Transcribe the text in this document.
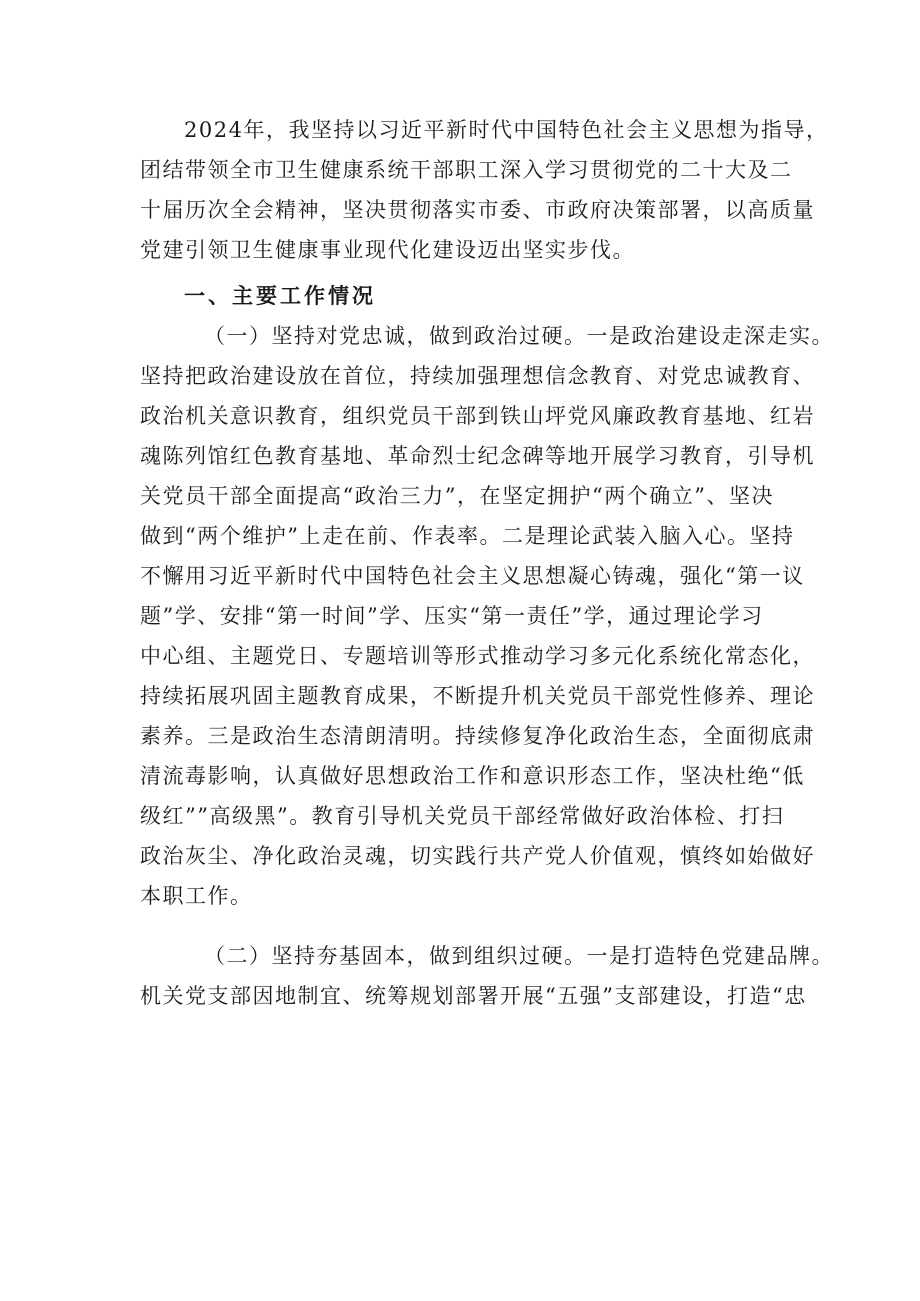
2024年，我坚持以习近平新时代中国特色社会主义思想为指导，
团结带领全市卫生健康系统干部职工深入学习贯彻党的二十大及二
十届历次全会精神，坚决贯彻落实市委、市政府决策部署，以高质量
党建引领卫生健康事业现代化建设迈出坚实步伐。
一、主要工作情况
（一）坚持对党忠诚，做到政治过硬。一是政治建设走深走实。
坚持把政治建设放在首位，持续加强理想信念教育、对党忠诚教育、
政治机关意识教育，组织党员干部到铁山坪党风廉政教育基地、红岩
魂陈列馆红色教育基地、革命烈士纪念碑等地开展学习教育，引导机
关党员干部全面提高“政治三力”，在坚定拥护“两个确立”、坚决
做到“两个维护”上走在前、作表率。二是理论武装入脑入心。坚持
不懈用习近平新时代中国特色社会主义思想凝心铸魂，强化“第一议
题”学、安排“第一时间”学、压实“第一责任”学，通过理论学习
中心组、主题党日、专题培训等形式推动学习多元化系统化常态化，
持续拓展巩固主题教育成果，不断提升机关党员干部党性修养、理论
素养。三是政治生态清朗清明。持续修复净化政治生态，全面彻底肃
清流毒影响，认真做好思想政治工作和意识形态工作，坚决杜绝“低
级红””高级黑”。教育引导机关党员干部经常做好政治体检、打扫
政治灰尘、净化政治灵魂，切实践行共产党人价值观，慎终如始做好
本职工作。
（二）坚持夯基固本，做到组织过硬。一是打造特色党建品牌。
机关党支部因地制宜、统筹规划部署开展“五强”支部建设，打造“忠
